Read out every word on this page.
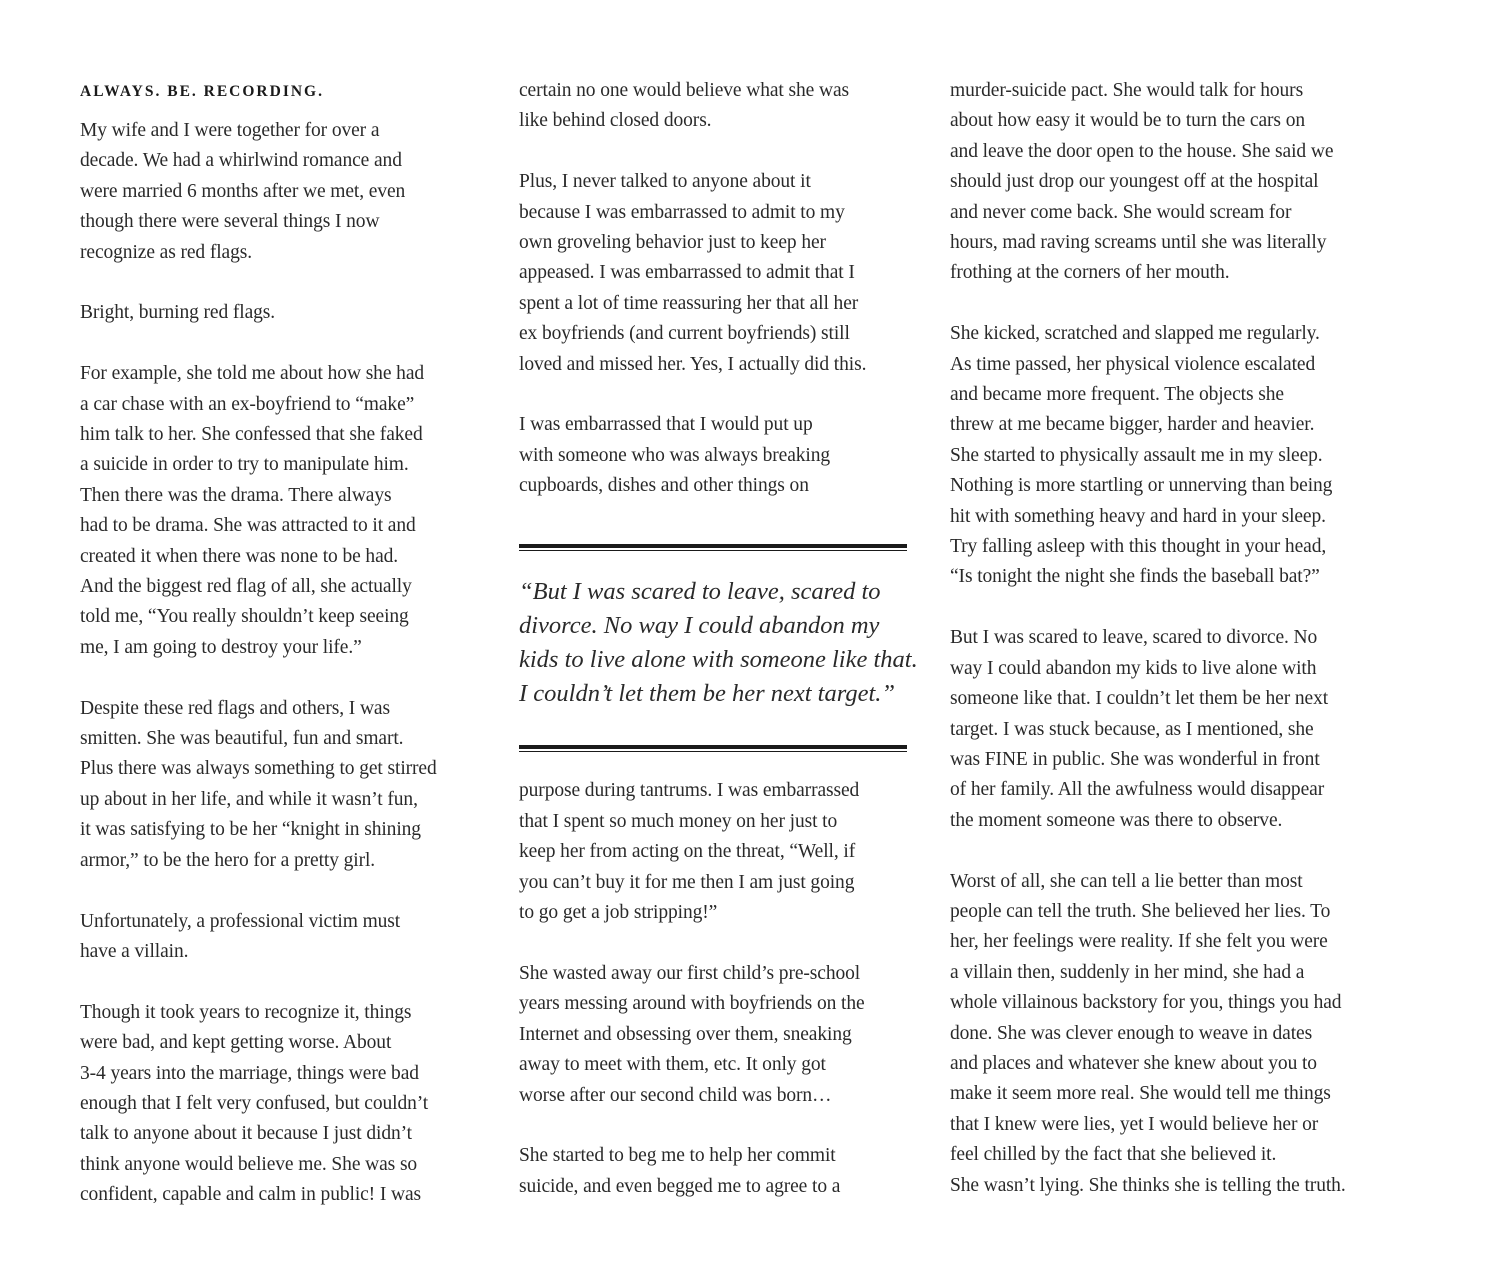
ALWAYS. BE. RECORDING.
My wife and I were together for over a
decade. We had a whirlwind romance and
were married 6 months after we met, even
though there were several things I now
recognize as red flags.
Bright, burning red flags.
For example, she told me about how she had
a car chase with an ex-boyfriend to “make”
him talk to her. She confessed that she faked
a suicide in order to try to manipulate him.
Then there was the drama. There always
had to be drama. She was attracted to it and
created it when there was none to be had.
And the biggest red flag of all, she actually
told me, “You really shouldn’t keep seeing
me, I am going to destroy your life.”
Despite these red flags and others, I was
smitten. She was beautiful, fun and smart.
Plus there was always something to get stirred
up about in her life, and while it wasn’t fun,
it was satisfying to be her “knight in shining
armor,” to be the hero for a pretty girl.
Unfortunately, a professional victim must
have a villain.
Though it took years to recognize it, things
were bad, and kept getting worse. About
3-4 years into the marriage, things were bad
enough that I felt very confused, but couldn’t
talk to anyone about it because I just didn’t
think anyone would believe me. She was so
confident, capable and calm in public! I was
certain no one would believe what she was
like behind closed doors.
Plus, I never talked to anyone about it
because I was embarrassed to admit to my
own groveling behavior just to keep her
appeased. I was embarrassed to admit that I
spent a lot of time reassuring her that all her
ex boyfriends (and current boyfriends) still
loved and missed her. Yes, I actually did this.
I was embarrassed that I would put up
with someone who was always breaking
cupboards, dishes and other things on
“But I was scared to leave, scared to
divorce. No way I could abandon my
kids to live alone with someone like that.
I couldn’t let them be her next target.”
purpose during tantrums. I was embarrassed
that I spent so much money on her just to
keep her from acting on the threat, “Well, if
you can’t buy it for me then I am just going
to go get a job stripping!”
She wasted away our first child’s pre-school
years messing around with boyfriends on the
Internet and obsessing over them, sneaking
away to meet with them, etc. It only got
worse after our second child was born…
She started to beg me to help her commit
suicide, and even begged me to agree to a
murder-suicide pact. She would talk for hours
about how easy it would be to turn the cars on
and leave the door open to the house. She said we
should just drop our youngest off at the hospital
and never come back. She would scream for
hours, mad raving screams until she was literally
frothing at the corners of her mouth.
She kicked, scratched and slapped me regularly.
As time passed, her physical violence escalated
and became more frequent. The objects she
threw at me became bigger, harder and heavier.
She started to physically assault me in my sleep.
Nothing is more startling or unnerving than being
hit with something heavy and hard in your sleep.
Try falling asleep with this thought in your head,
“Is tonight the night she finds the baseball bat?”
But I was scared to leave, scared to divorce. No
way I could abandon my kids to live alone with
someone like that. I couldn’t let them be her next
target. I was stuck because, as I mentioned, she
was FINE in public. She was wonderful in front
of her family. All the awfulness would disappear
the moment someone was there to observe.
Worst of all, she can tell a lie better than most
people can tell the truth. She believed her lies. To
her, her feelings were reality. If she felt you were
a villain then, suddenly in her mind, she had a
whole villainous backstory for you, things you had
done. She was clever enough to weave in dates
and places and whatever she knew about you to
make it seem more real. She would tell me things
that I knew were lies, yet I would believe her or
feel chilled by the fact that she believed it.
She wasn’t lying. She thinks she is telling the truth.
